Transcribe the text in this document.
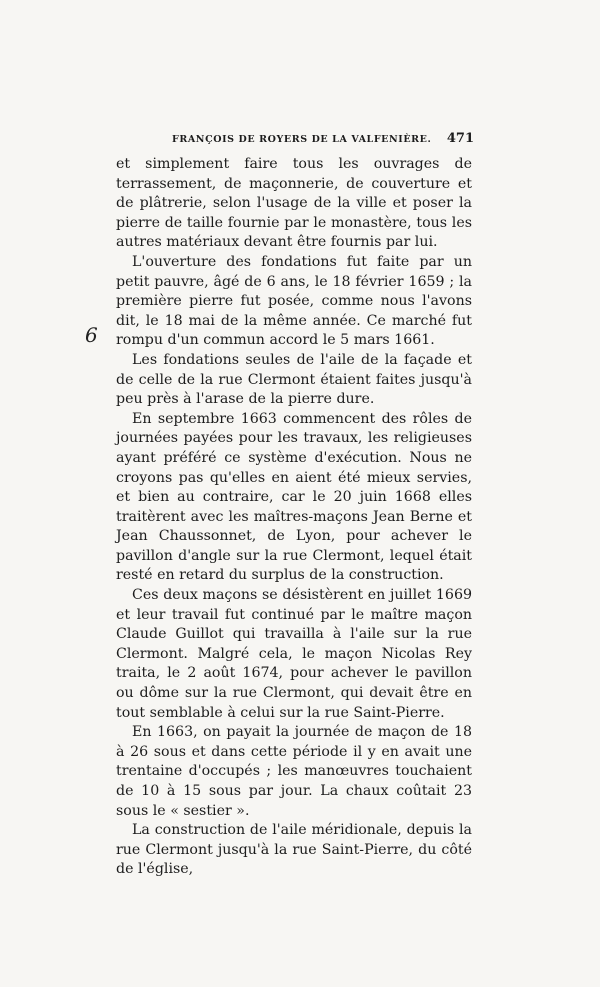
FRANÇOIS DE ROYERS DE LA VALFENIÈRE. 471
6

et simplement faire tous les ouvrages de terrassement, de maçonnerie, de couverture et de plâtrerie, selon l'usage de la ville et poser la pierre de taille fournie par le monastère, tous les autres matériaux devant être fournis par lui.

L'ouverture des fondations fut faite par un petit pauvre, âgé de 6 ans, le 18 février 1659 ; la première pierre fut posée, comme nous l'avons dit, le 18 mai de la même année. Ce marché fut rompu d'un commun accord le 5 mars 1661.

Les fondations seules de l'aile de la façade et de celle de la rue Clermont étaient faites jusqu'à peu près à l'arase de la pierre dure.

En septembre 1663 commencent des rôles de journées payées pour les travaux, les religieuses ayant préféré ce système d'exécution. Nous ne croyons pas qu'elles en aient été mieux servies, et bien au contraire, car le 20 juin 1668 elles traitèrent avec les maîtres-maçons Jean Berne et Jean Chaussonnet, de Lyon, pour achever le pavillon d'angle sur la rue Clermont, lequel était resté en retard du surplus de la construction.

Ces deux maçons se désistèrent en juillet 1669 et leur travail fut continué par le maître maçon Claude Guillot qui travailla à l'aile sur la rue Clermont. Malgré cela, le maçon Nicolas Rey traita, le 2 août 1674, pour achever le pavillon ou dôme sur la rue Clermont, qui devait être en tout semblable à celui sur la rue Saint-Pierre.

En 1663, on payait la journée de maçon de 18 à 26 sous et dans cette période il y en avait une trentaine d'occupés ; les manœuvres touchaient de 10 à 15 sous par jour. La chaux coûtait 23 sous le « sestier ».

La construction de l'aile méridionale, depuis la rue Clermont jusqu'à la rue Saint-Pierre, du côté de l'église,
